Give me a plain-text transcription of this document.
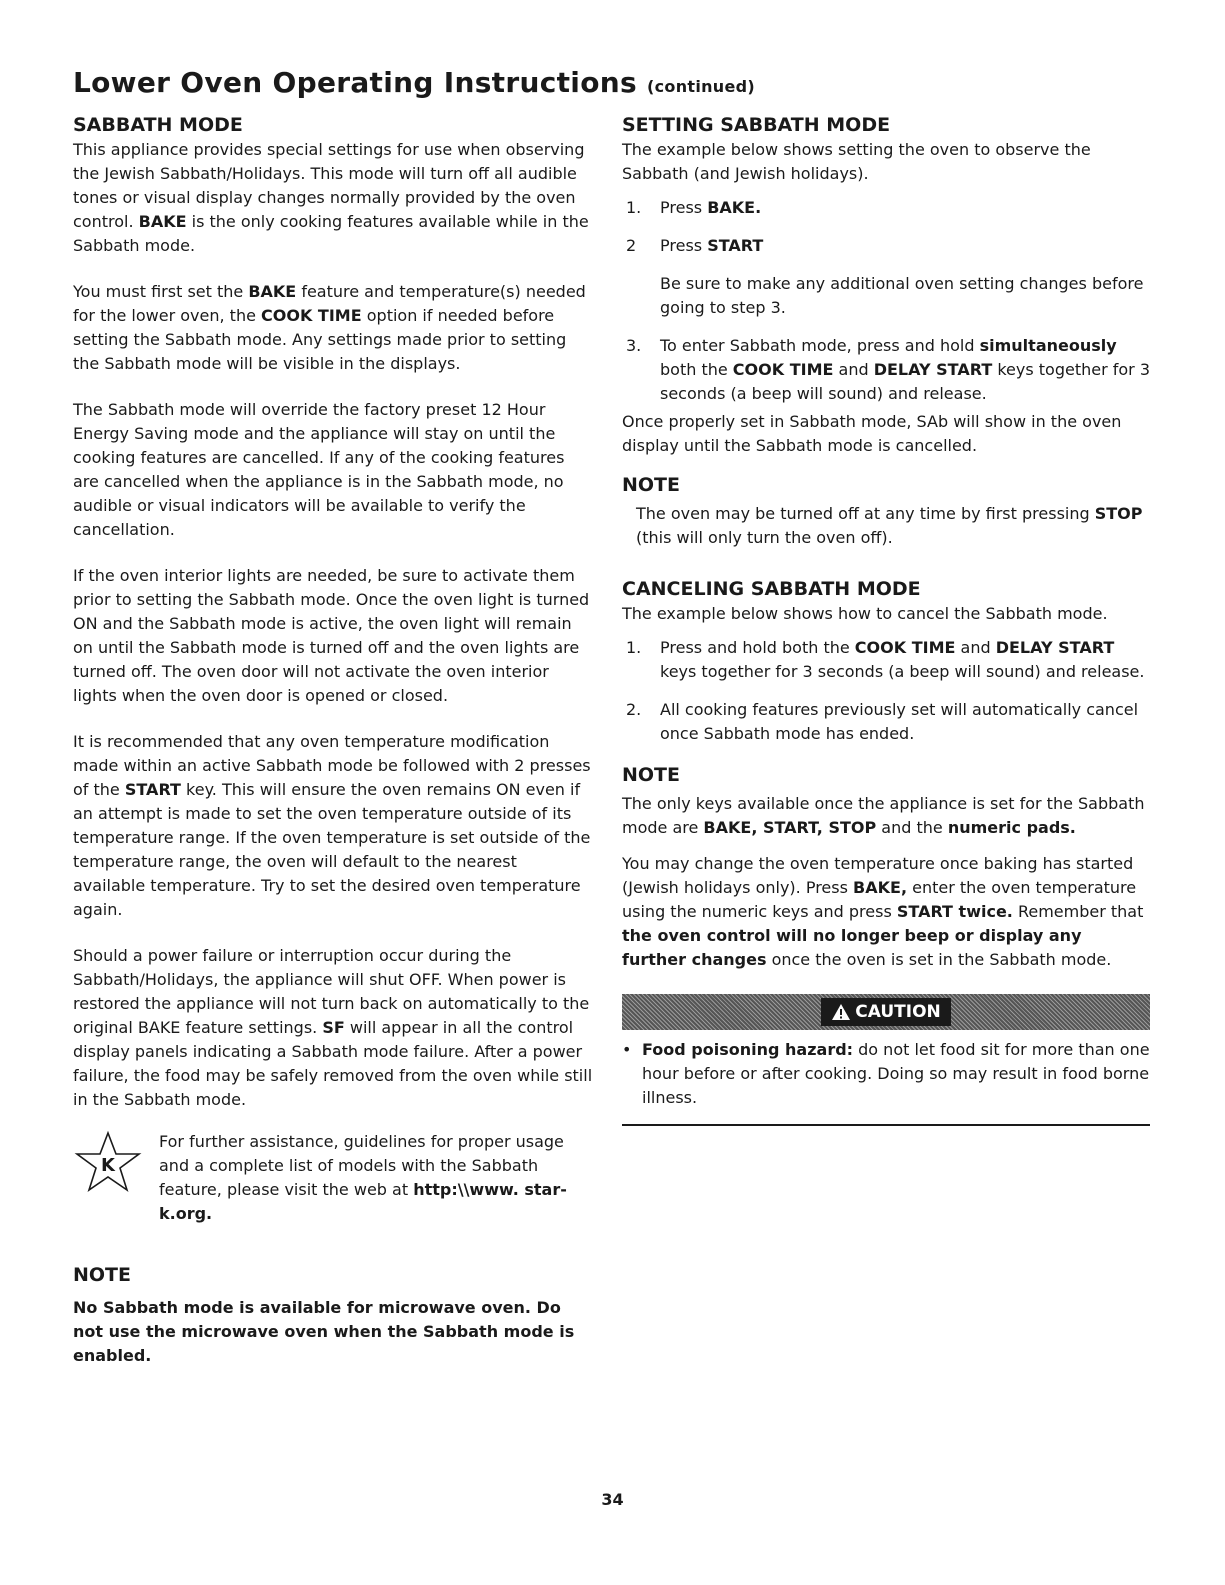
Lower Oven Operating Instructions (continued)
SABBATH MODE

This appliance provides special settings for use when observing the Jewish Sabbath/Holidays. This mode will turn off all audible tones or visual display changes normally provided by the oven control. BAKE is the only cooking features available while in the Sabbath mode.

You must first set the BAKE feature and temperature(s) needed for the lower oven, the COOK TIME option if needed before setting the Sabbath mode. Any settings made prior to setting the Sabbath mode will be visible in the displays.

The Sabbath mode will override the factory preset 12 Hour Energy Saving mode and the appliance will stay on until the cooking features are cancelled. If any of the cooking features are cancelled when the appliance is in the Sabbath mode, no audible or visual indicators will be available to verify the cancellation.

If the oven interior lights are needed, be sure to activate them prior to setting the Sabbath mode. Once the oven light is turned ON and the Sabbath mode is active, the oven light will remain on until the Sabbath mode is turned off and the oven lights are turned off. The oven door will not activate the oven interior lights when the oven door is opened or closed.

It is recommended that any oven temperature modification made within an active Sabbath mode be followed with 2 presses of the START key. This will ensure the oven remains ON even if an attempt is made to set the oven temperature outside of its temperature range. If the oven temperature is set outside of the temperature range, the oven will default to the nearest available temperature. Try to set the desired oven temperature again.

Should a power failure or interruption occur during the Sabbath/Holidays, the appliance will shut OFF. When power is restored the appliance will not turn back on automatically to the original BAKE feature settings. SF will appear in all the control display panels indicating a Sabbath mode failure. After a power failure, the food may be safely removed from the oven while still in the Sabbath mode.

K

For further assistance, guidelines for proper usage and a complete list of models with the Sabbath feature, please visit the web at http:\\www. star-k.org.

NOTE

No Sabbath mode is available for microwave oven. Do not use the microwave oven when the Sabbath mode is enabled.

SETTING SABBATH MODE

The example below shows setting the oven to observe the Sabbath (and Jewish holidays).

1.	Press BAKE.
2	Press START

Be sure to make any additional oven setting changes before going to step 3.

3.	To enter Sabbath mode, press and hold simultaneously both the COOK TIME and DELAY START keys together for 3 seconds (a beep will sound) and release.

Once properly set in Sabbath mode, SAb will show in the oven display until the Sabbath mode is cancelled.

NOTE

The oven may be turned off at any time by first pressing STOP (this will only turn the oven off).

CANCELING SABBATH MODE

The example below shows how to cancel the Sabbath mode.

1.	Press and hold both the COOK TIME and DELAY START keys together for 3 seconds (a beep will sound) and release.
2.	All cooking features previously set will automatically cancel once Sabbath mode has ended.
NOTE

The only keys available once the appliance is set for the Sabbath mode are BAKE, START, STOP and the numeric pads.

You may change the oven temperature once baking has started (Jewish holidays only). Press BAKE, enter the oven temperature using the numeric keys and press START twice. Remember that the oven control will no longer beep or display any further changes once the oven is set in the Sabbath mode.

CAUTION
• Food poisoning hazard: do not let food sit for more than one hour before or after cooking. Doing so may result in food borne illness.

34
